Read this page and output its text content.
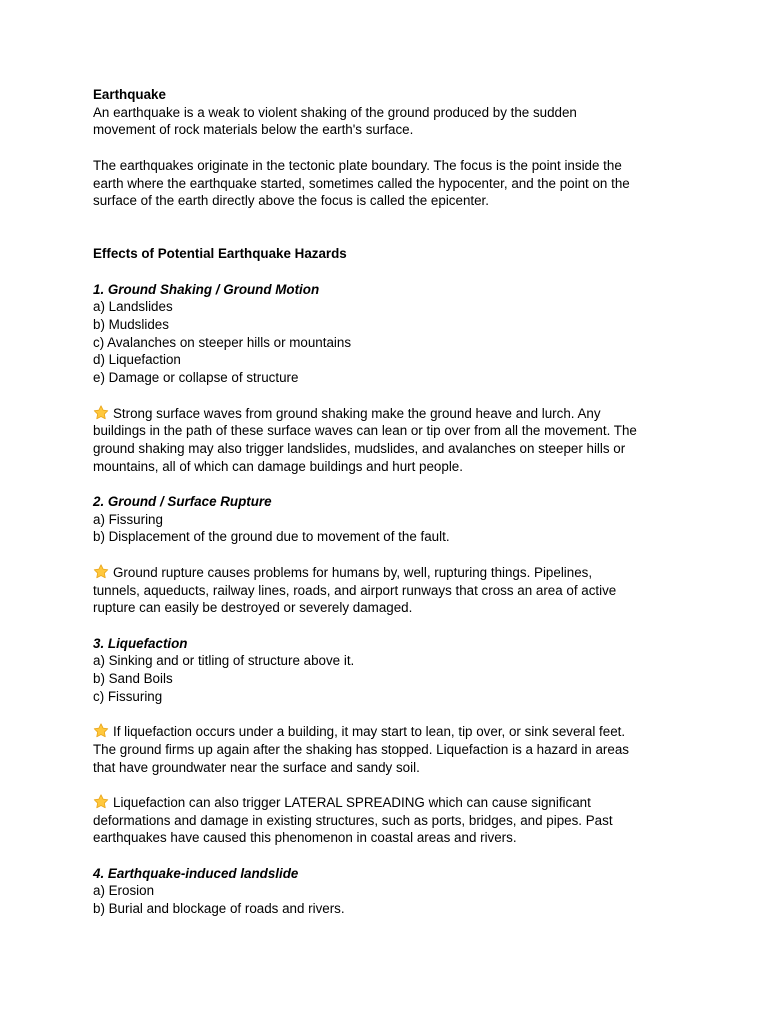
Earthquake
An earthquake is a weak to violent shaking of the ground produced by the sudden
movement of rock materials below the earth's surface.
The earthquakes originate in the tectonic plate boundary. The focus is the point inside the
earth where the earthquake started, sometimes called the hypocenter, and the point on the
surface of the earth directly above the focus is called the epicenter.
Effects of Potential Earthquake Hazards
1. Ground Shaking / Ground Motion
a) Landslides
b) Mudslides
c) Avalanches on steeper hills or mountains
d) Liquefaction
e) Damage or collapse of structure
Strong surface waves from ground shaking make the ground heave and lurch. Any
buildings in the path of these surface waves can lean or tip over from all the movement. The
ground shaking may also trigger landslides, mudslides, and avalanches on steeper hills or
mountains, all of which can damage buildings and hurt people.
2. Ground / Surface Rupture
a) Fissuring
b) Displacement of the ground due to movement of the fault.
Ground rupture causes problems for humans by, well, rupturing things. Pipelines,
tunnels, aqueducts, railway lines, roads, and airport runways that cross an area of active
rupture can easily be destroyed or severely damaged.
3. Liquefaction
a) Sinking and or titling of structure above it.
b) Sand Boils
c) Fissuring
If liquefaction occurs under a building, it may start to lean, tip over, or sink several feet.
The ground firms up again after the shaking has stopped. Liquefaction is a hazard in areas
that have groundwater near the surface and sandy soil.
Liquefaction can also trigger LATERAL SPREADING which can cause significant
deformations and damage in existing structures, such as ports, bridges, and pipes. Past
earthquakes have caused this phenomenon in coastal areas and rivers.
4. Earthquake-induced landslide
a) Erosion
b) Burial and blockage of roads and rivers.
